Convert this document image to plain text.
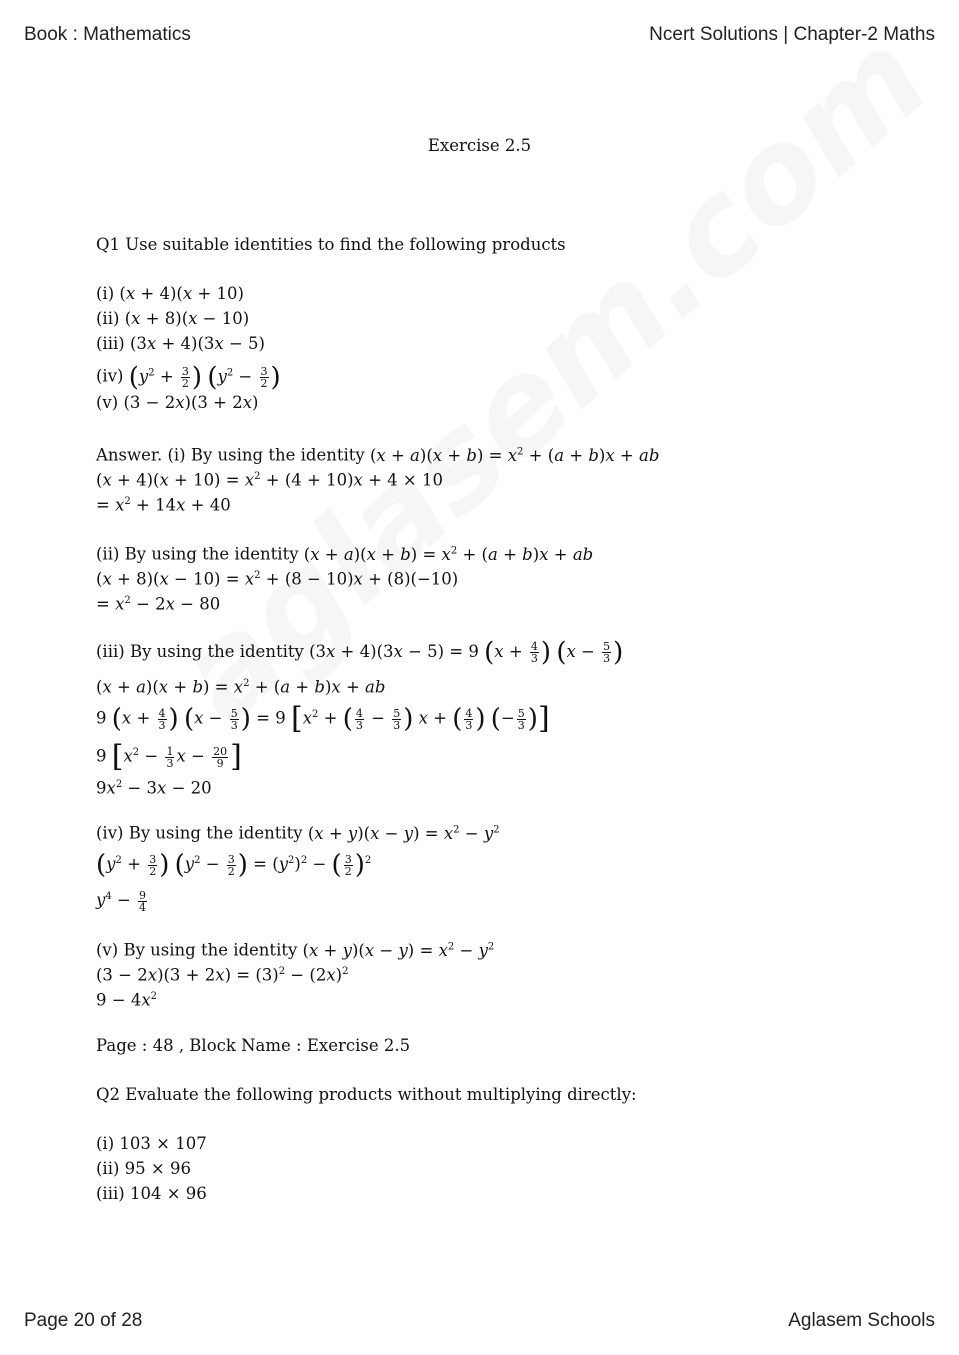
Book : Mathematics	Ncert Solutions | Chapter-2 Maths
Exercise 2.5
Q1 Use suitable identities to find the following products
(i) (x + 4)(x + 10)
(ii) (x + 8)(x − 10)
(iii) (3x + 4)(3x − 5)
(iv) ($y^2 + \frac{3}{2}$ ) ($y^2 - \frac{3}{2}$ )
(v) (3 − 2x)(3 + 2x)
Answer. (i) By using the identity $(x + a)(x + b) = x^2 + (a + b)x$ + ab
$(x + 4)(x + 10) = x^2 + (4 + 10)x + 4 \times 10$
= $x^2 + 14x + 40$
(ii) By using the identity $(x + a)(x + b) = x^2 + (a + b)x$ + ab
$(x + 8)(x - 10) = x^2 + (8 - 10)x + (8)(-10)$
= $x^2 - 2x - 80$
(iii) By using the identity (3x + 4)(3x − 5) = 9 ($x + \frac{4}{3}$ ) ($x - \frac{5}{3}$ )
$(x + a)(x + b) = x^2 + (a + b)x$ + ab
9 ($x + \frac{4}{3}$ ) ($x - \frac{5}{3}$ ) = 9 [$x^2$ + ( $\frac{4}{3} - \frac{5}{3}$ ) x + ( $\frac{4}{3}$ ) (− $\frac{5}{3}$ )]
9 [$x^2 - \frac{1}{3}$ $x - \frac{20}{9}$ ]
$9x^2 - 3x - 20$
(iv) By using the identity $(x + y)(x - y) = x^2 - y^2$
($y^2 + \frac{3}{2}$ ) ($y^2 - \frac{3}{2}$ ) = $(y^2)^2$ − ( $\frac{3}{2} )^2$
$y^4 - \frac{9}{4}$
(v) By using the identity $(x + y)(x - y) = x^2 - y^2$
$(3 - 2x)(3 + 2x) = (3)^2 - (2x)^2$
$9 - 4x^2$
Page : 48 , Block Name : Exercise 2.5
Q2 Evaluate the following products without multiplying directly:
(i) 103 × 107
(ii) 95 × 96
(iii) 104 × 96
Page 20 of 28	Aglasem Schools
